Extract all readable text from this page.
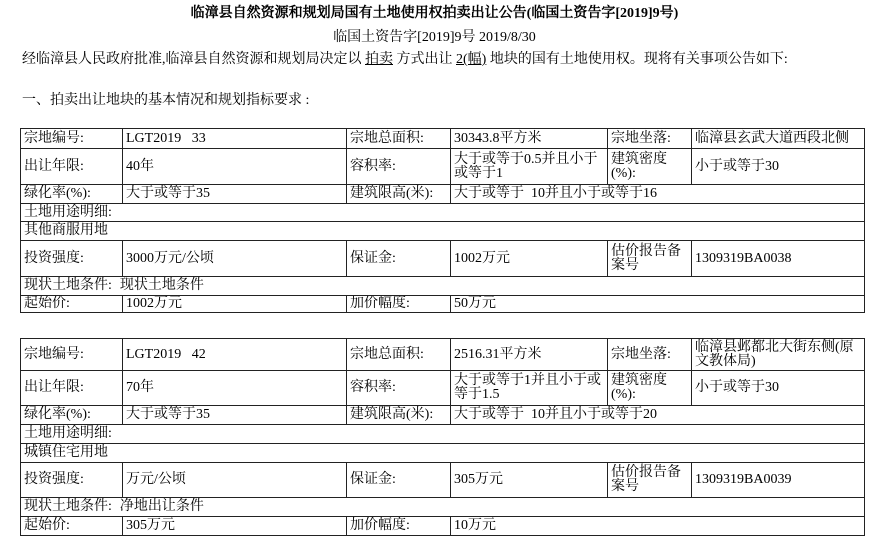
临漳县自然资源和规划局国有土地使用权拍卖出让公告(临国土资告字[2019]9号)
临国土资告字[2019]9号 2019/8/30
经临漳县人民政府批准,临漳县自然资源和规划局决定以 拍卖 方式出让 2(幅) 地块的国有土地使用权。现将有关事项公告如下:
一、拍卖出让地块的基本情况和规划指标要求 :
宗地编号:	LGT2019   33	宗地总面积:	30343.8平方米	宗地坐落:	临漳县玄武大道西段北侧
出让年限:	40年	容积率:	大于或等于0.5并且小于或等于1	建筑密度(%):	小于或等于30
绿化率(%):	大于或等于35	建筑限高(米):	大于或等于  10并且小于或等于16		
土地用途明细:					
其他商服用地					
投资强度:	3000万元/公顷	保证金:	1002万元	估价报告备案号	1309319BA0038
现状土地条件: 现状土地条件					
起始价:	1002万元	加价幅度:	50万元		
宗地编号:	LGT2019   42	宗地总面积:	2516.31平方米	宗地坐落:	临漳县邺都北大街东侧(原文教体局)
出让年限:	70年	容积率:	大于或等于1并且小于或等于1.5	建筑密度(%):	小于或等于30
绿化率(%):	大于或等于35	建筑限高(米):	大于或等于  10并且小于或等于20		
土地用途明细:					
城镇住宅用地					
投资强度:	万元/公顷	保证金:	305万元	估价报告备案号	1309319BA0039
现状土地条件: 净地出让条件					
起始价:	305万元	加价幅度:	10万元		
